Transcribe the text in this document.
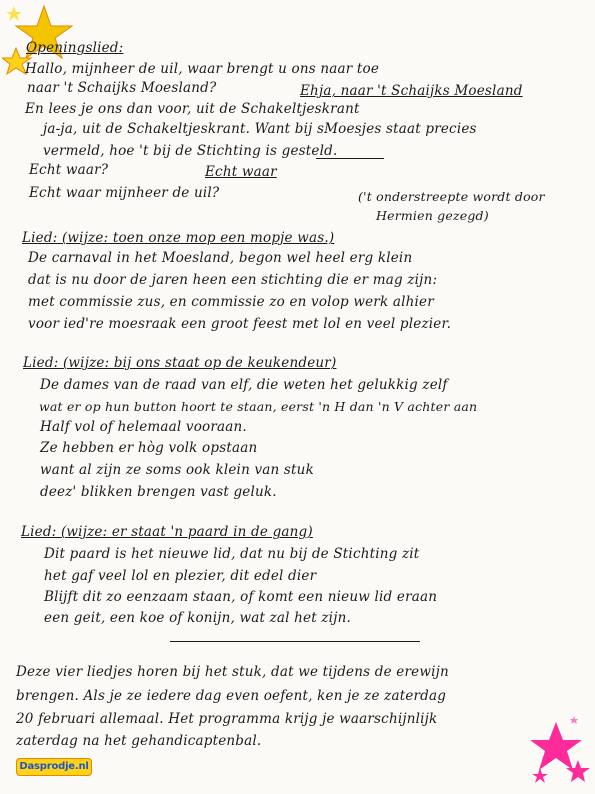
Openingslied:
Hallo, mijnheer de uil, waar brengt u ons naar toe
naar 't Schaijks Moesland?	Ehja, naar 't Schaijks Moesland
En lees je ons dan voor, uit de Schakeltjeskrant
ja-ja, uit de Schakeltjeskrant. Want bij sMoesjes staat precies
vermeld, hoe 't bij de Stichting is gesteld.
Echt waar?	Echt waar
Echt waar mijnheer de uil?	('t onderstreepte wordt door
Hermien gezegd)
Lied: (wijze: toen onze mop een mopje was.)
De carnaval in het Moesland, begon wel heel erg klein
dat is nu door de jaren heen een stichting die er mag zijn:
met commissie zus, en commissie zo en volop werk alhier
voor ied're moesraak een groot feest met lol en veel plezier.
Lied: (wijze: bij ons staat op de keukendeur)
De dames van de raad van elf, die weten het gelukkig zelf
wat er op hun button hoort te staan, eerst 'n H dan 'n V achter aan
Half vol of helemaal vooraan.
Ze hebben er hòg volk opstaan
want al zijn ze soms ook klein van stuk
deez' blikken brengen vast geluk.
Lied: (wijze: er staat 'n paard in de gang)
Dit paard is het nieuwe lid, dat nu bij de Stichting zit
het gaf veel lol en plezier, dit edel dier
Blijft dit zo eenzaam staan, of komt een nieuw lid eraan
een geit, een koe of konijn, wat zal het zijn.
Deze vier liedjes horen bij het stuk, dat we tijdens de erewijn
brengen. Als je ze iedere dag even oefent, ken je ze zaterdag
20 februari allemaal. Het programma krijg je waarschijnlijk
zaterdag na het gehandicaptenbal.
Dasprodje.nl
